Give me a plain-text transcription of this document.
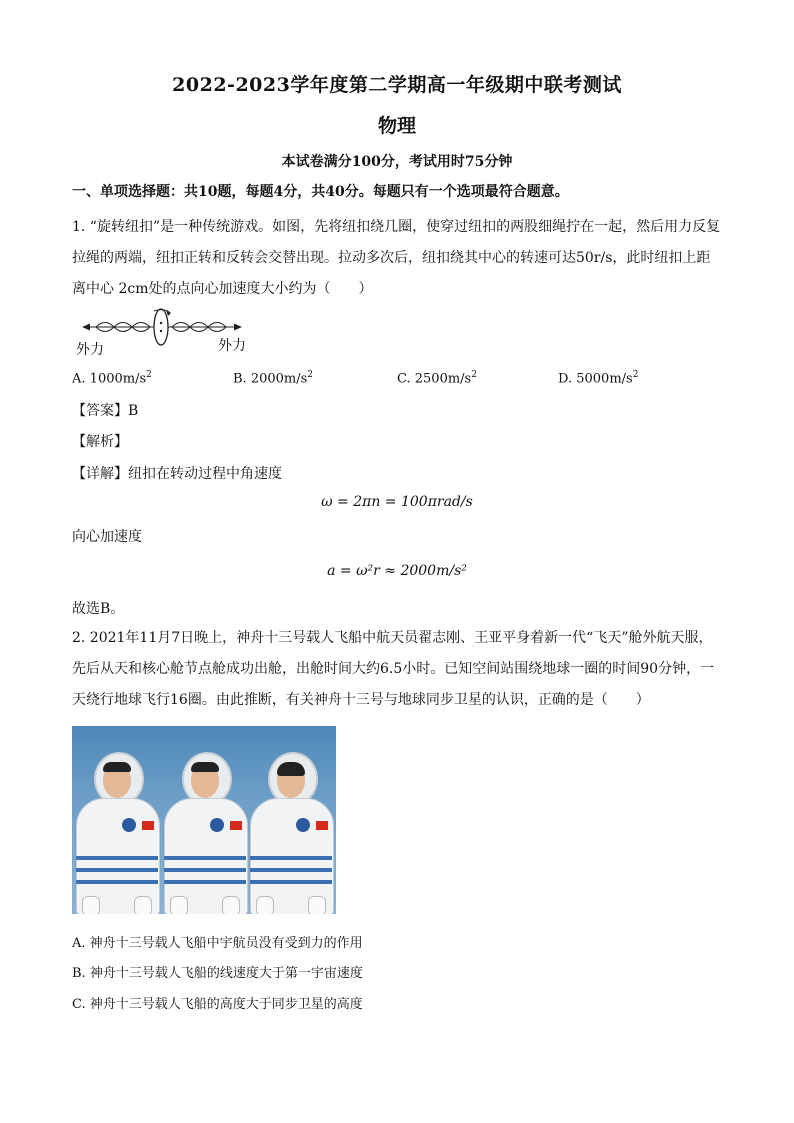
2022-2023学年度第二学期高一年级期中联考测试
物理
本试卷满分100分，考试用时75分钟
一、单项选择题：共10题，每题4分，共40分。每题只有一个选项最符合题意。
1. “旋转纽扣”是一种传统游戏。如图，先将纽扣绕几圈，使穿过纽扣的两股细绳拧在一起，然后用力反复拉绳的两端，纽扣正转和反转会交替出现。拉动多次后，纽扣绕其中心的转速可达50r/s，此时纽扣上距离中心 2cm处的点向心加速度大小约为（　　）
外力	外力
A. $1000m/s^2$	B. $2000m/s^2$	C. $2500m/s^2$	D. $5000m/s^2$
【答案】B
【解析】
【详解】纽扣在转动过程中角速度
ω = 2πn = 100πrad/s
向心加速度
a = ω²r ≈ 2000m/s²
故选B。
2. 2021年11月7日晚上，神舟十三号载人飞船中航天员翟志刚、王亚平身着新一代“飞天”舱外航天服，先后从天和核心舱节点舱成功出舱，出舱时间大约6.5小时。已知空间站围绕地球一圈的时间90分钟，一天绕行地球飞行16圈。由此推断，有关神舟十三号与地球同步卫星的认识，正确的是（　　）
A. 神舟十三号载人飞船中宇航员没有受到力的作用
B. 神舟十三号载人飞船的线速度大于第一宇宙速度
C. 神舟十三号载人飞船的高度大于同步卫星的高度
